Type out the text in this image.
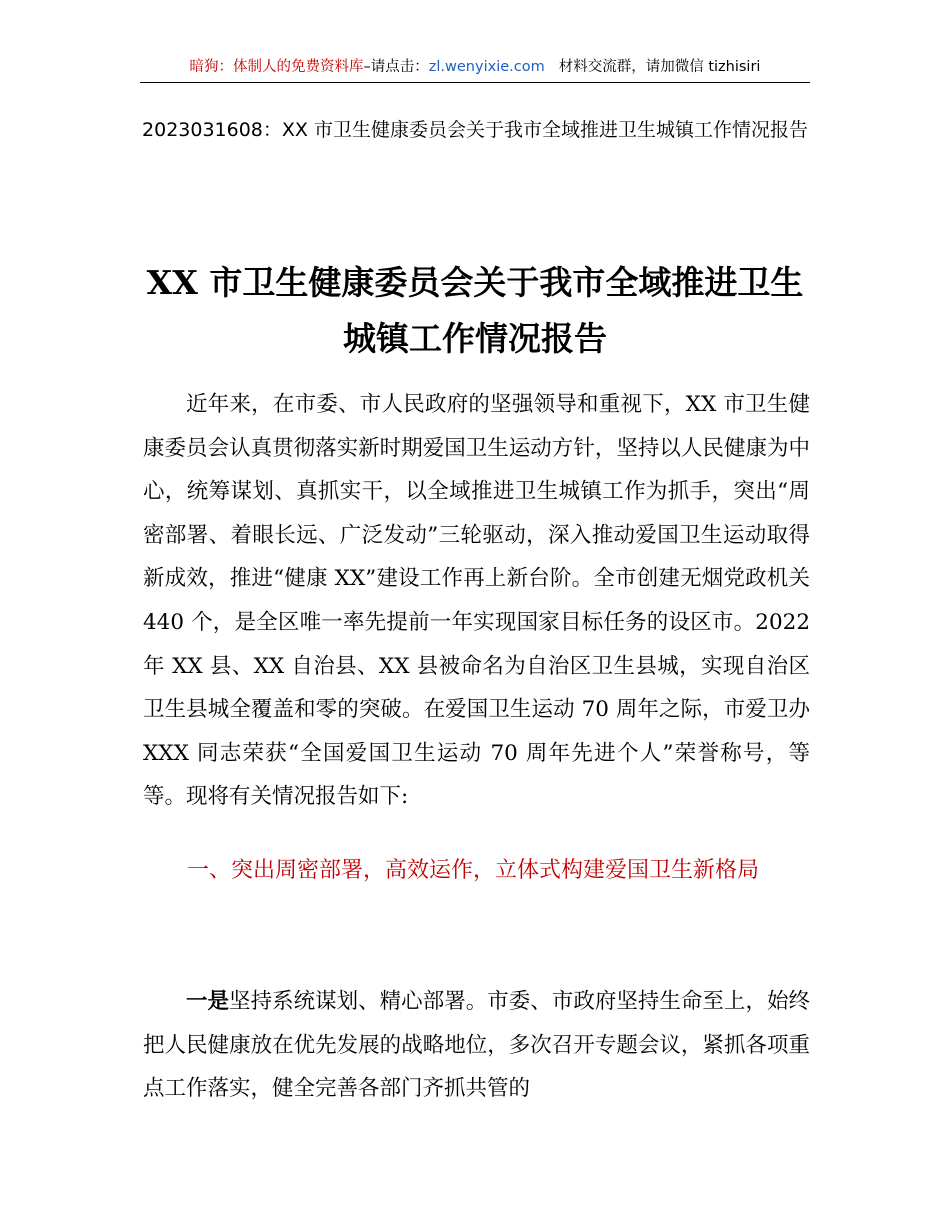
暗狗：体制人的免费资料库–请点击：zl.wenyixie.com 材料交流群，请加微信 tizhisiri
2023031608：XX 市卫生健康委员会关于我市全域推进卫生城镇工作情况报告
XX 市卫生健康委员会关于我市全域推进卫生城镇工作情况报告

近年来，在市委、市人民政府的坚强领导和重视下，XX 市卫生健康委员会认真贯彻落实新时期爱国卫生运动方针，坚持以人民健康为中心，统筹谋划、真抓实干，以全域推进卫生城镇工作为抓手，突出“周密部署、着眼长远、广泛发动”三轮驱动，深入推动爱国卫生运动取得新成效，推进“健康 XX”建设工作再上新台阶。全市创建无烟党政机关 440 个，是全区唯一率先提前一年实现国家目标任务的设区市。2022 年 XX 县、XX 自治县、XX 县被命名为自治区卫生县城，实现自治区卫生县城全覆盖和零的突破。在爱国卫生运动 70 周年之际，市爱卫办 XXX 同志荣获“全国爱国卫生运动 70 周年先进个人”荣誉称号，等等。现将有关情况报告如下:

一、突出周密部署，高效运作，立体式构建爱国卫生新格局

一是坚持系统谋划、精心部署。市委、市政府坚持生命至上，始终把人民健康放在优先发展的战略地位，多次召开专题会议，紧抓各项重点工作落实，健全完善各部门齐抓共管的
